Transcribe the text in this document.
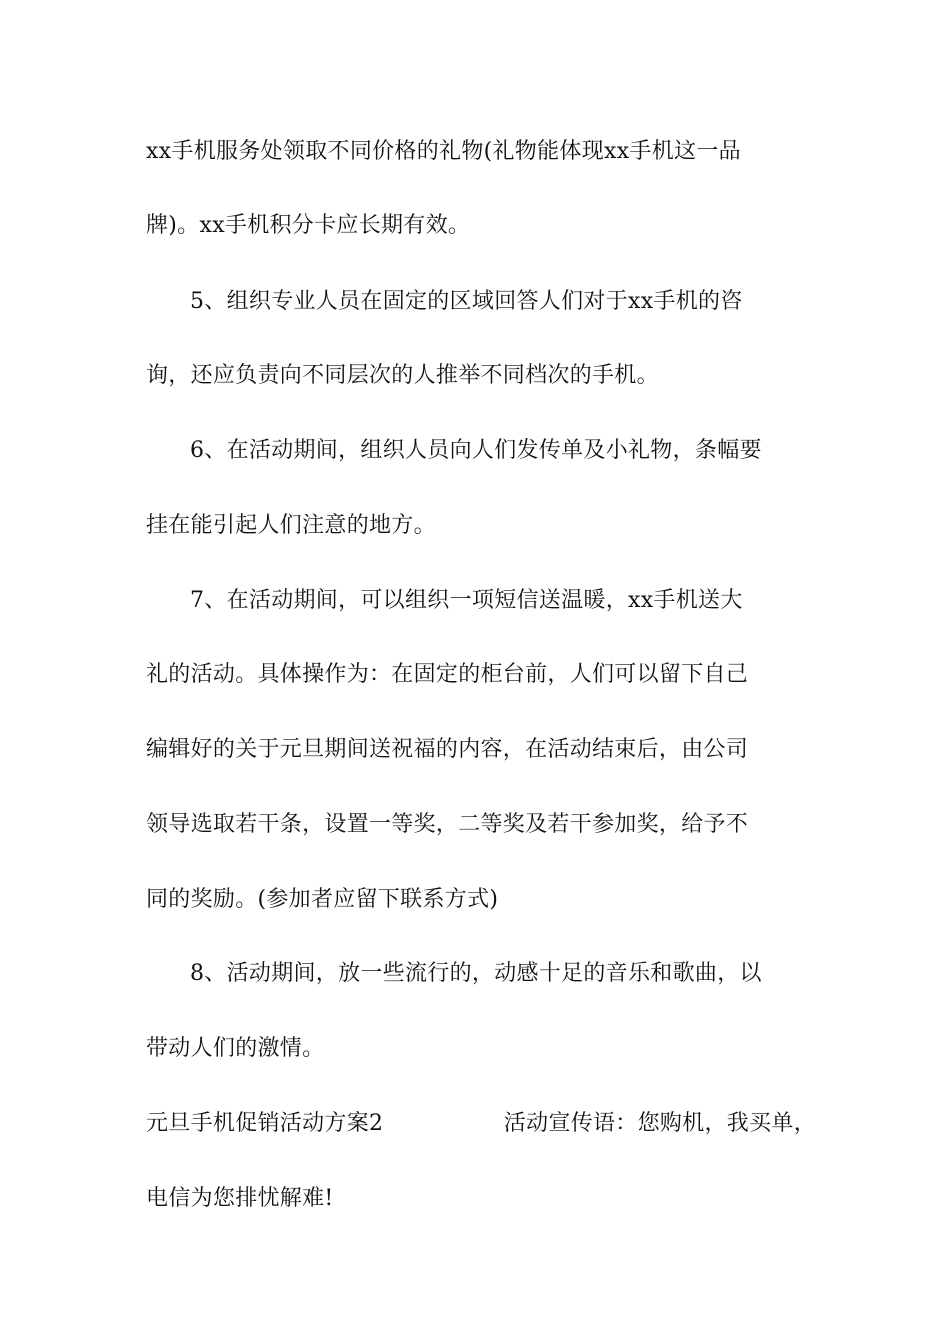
xx手机服务处领取不同价格的礼物(礼物能体现xx手机这一品
牌)。xx手机积分卡应长期有效。
5、组织专业人员在固定的区域回答人们对于xx手机的咨
询，还应负责向不同层次的人推举不同档次的手机。
6、在活动期间，组织人员向人们发传单及小礼物，条幅要
挂在能引起人们注意的地方。
7、在活动期间，可以组织一项短信送温暖，xx手机送大
礼的活动。具体操作为：在固定的柜台前，人们可以留下自己
编辑好的关于元旦期间送祝福的内容，在活动结束后，由公司
领导选取若干条，设置一等奖，二等奖及若干参加奖，给予不
同的奖励。(参加者应留下联系方式)
8、活动期间，放一些流行的，动感十足的音乐和歌曲，以
带动人们的激情。
元旦手机促销活动方案2	活动宣传语：您购机，我买单，
电信为您排忧解难!
